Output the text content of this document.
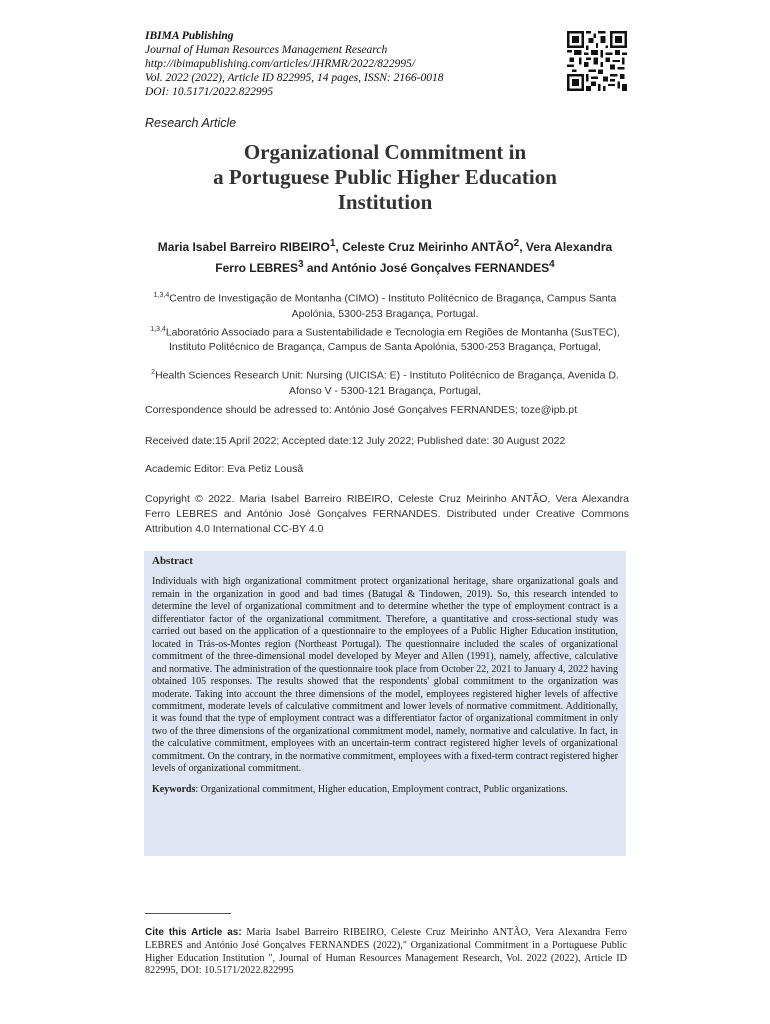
IBIMA Publishing
Journal of Human Resources Management Research
http://ibimapublishing.com/articles/JHRMR/2022/822995/
Vol. 2022 (2022), Article ID 822995, 14 pages, ISSN: 2166-0018
DOI: 10.5171/2022.822995
Research Article
Organizational Commitment in
a Portuguese Public Higher Education
Institution
Maria Isabel Barreiro RIBEIRO$^1$, Celeste Cruz Meirinho ANTÃO$^2$, Vera Alexandra
Ferro LEBRES$^3$ and António José Gonçalves FERNANDES$^4$

$^{1,3,4}$Centro de Investigação de Montanha (CIMO) - Instituto Politécnico de Bragança, Campus Santa
Apolónia, 5300-253 Bragança, Portugal.

$^{1,3,4}$Laboratório Associado para a Sustentabilidade e Tecnologia em Regiões de Montanha (SusTEC),
Instituto Politécnico de Bragança, Campus de Santa Apolónia, 5300-253 Bragança, Portugal,

$^2$Health Sciences Research Unit: Nursing (UICISA: E) - Instituto Politécnico de Bragança, Avenida D.
Afonso V - 5300-121 Bragança, Portugal,

Correspondence should be adressed to: António José Gonçalves FERNANDES; toze@ipb.pt

Received date:15 April 2022; Accepted date:12 July 2022; Published date: 30 August 2022

Academic Editor: Eva Petiz Lousã

Copyright © 2022. Maria Isabel Barreiro RIBEIRO, Celeste Cruz Meirinho ANTÃO, Vera Alexandra Ferro LEBRES and António José Gonçalves FERNANDES. Distributed under Creative Commons Attribution 4.0 International CC-BY 4.0

Abstract

Individuals with high organizational commitment protect organizational heritage, share organizational goals and remain in the organization in good and bad times (Batugal & Tindowen, 2019). So, this research intended to determine the level of organizational commitment and to determine whether the type of employment contract is a differentiator factor of the organizational commitment. Therefore, a quantitative and cross-sectional study was carried out based on the application of a questionnaire to the employees of a Public Higher Education institution, located in Trás-os-Montes region (Northeast Portugal). The questionnaire included the scales of organizational commitment of the three-dimensional model developed by Meyer and Allen (1991), namely, affective, calculative and normative. The administration of the questionnaire took place from October 22, 2021 to January 4, 2022 having obtained 105 responses. The results showed that the respondents' global commitment to the organization was moderate. Taking into account the three dimensions of the model, employees registered higher levels of affective commitment, moderate levels of calculative commitment and lower levels of normative commitment. Additionally, it was found that the type of employment contract was a differentiator factor of organizational commitment in only two of the three dimensions of the organizational commitment model, namely, normative and calculative. In fact, in the calculative commitment, employees with an uncertain-term contract registered higher levels of organizational commitment. On the contrary, in the normative commitment, employees with a fixed-term contract registered higher levels of organizational commitment.

Keywords: Organizational commitment, Higher education, Employment contract, Public organizations.
Cite this Article as: Maria Isabel Barreiro RIBEIRO, Celeste Cruz Meirinho ANTÃO, Vera Alexandra Ferro LEBRES and António José Gonçalves FERNANDES (2022)," Organizational Commitment in a Portuguese Public Higher Education Institution ", Journal of Human Resources Management Research, Vol. 2022 (2022), Article ID 822995, DOI: 10.5171/2022.822995
